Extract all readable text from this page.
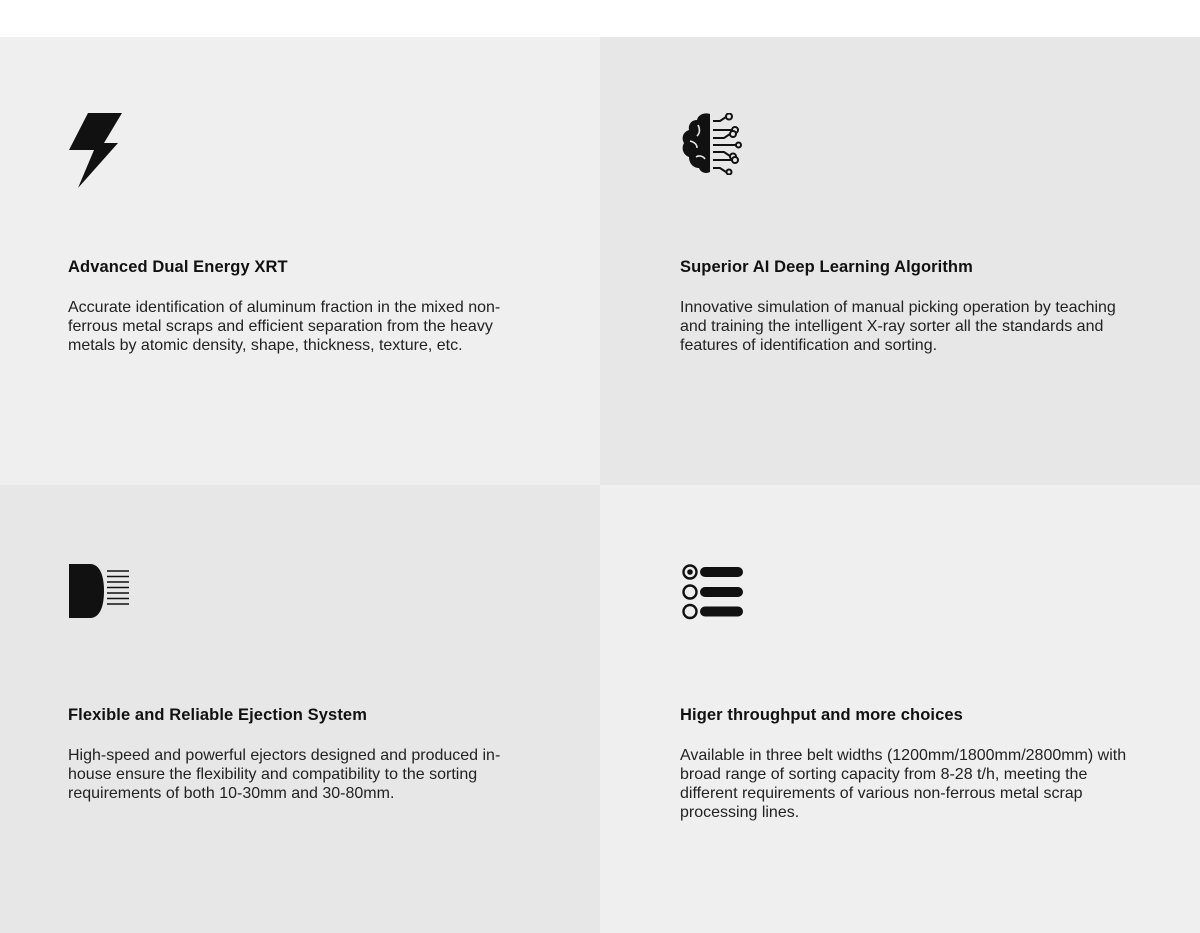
Advanced Dual Energy XRT

Accurate identification of aluminum fraction in the mixed non-ferrous metal scraps and efficient separation from the heavy metals by atomic density, shape, thickness, texture, etc.

Superior AI Deep Learning Algorithm

Innovative simulation of manual picking operation by teaching and training the intelligent X-ray sorter all the standards and features of identification and sorting.

Flexible and Reliable Ejection System

High-speed and powerful ejectors designed and produced in-house ensure the flexibility and compatibility to the sorting requirements of both 10-30mm and 30-80mm.

Higer throughput and more choices

Available in three belt widths (1200mm/1800mm/2800mm) with broad range of sorting capacity from 8-28 t/h, meeting the different requirements of various non-ferrous metal scrap processing lines.
